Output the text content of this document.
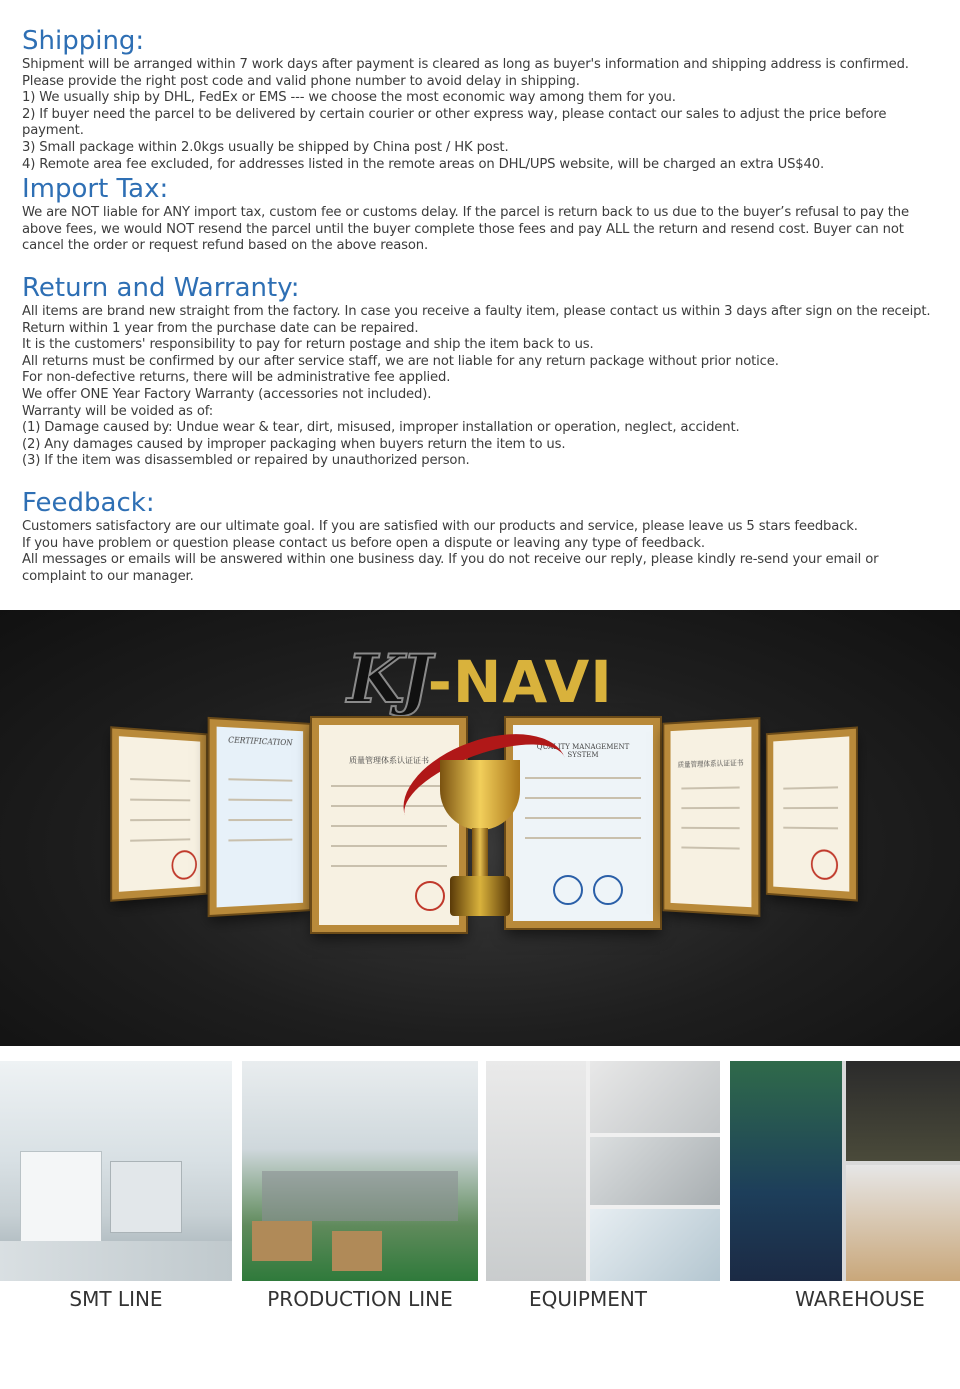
Shipping:
Shipment will be arranged within 7 work days after payment is cleared as long as buyer's information and shipping address is confirmed. Please provide the right post code and valid phone number to avoid delay in shipping.
1) We usually ship by DHL, FedEx or EMS --- we choose the most economic way among them for you.
2) If buyer need the parcel to be delivered by certain courier or other express way, please contact our sales to adjust the price before payment.
3) Small package within 2.0kgs usually be shipped by China post / HK post.
4) Remote area fee excluded, for addresses listed in the remote areas on DHL/UPS website, will be charged an extra US$40.
Import Tax:
We are NOT liable for ANY import tax, custom fee or customs delay. If the parcel is return back to us due to the buyer’s refusal to pay the above fees, we would NOT resend the parcel until the buyer complete those fees and pay ALL the return and resend cost. Buyer can not cancel the order or request refund based on the above reason.
Return and Warranty:
All items are brand new straight from the factory. In case you receive a faulty item, please contact us within 3 days after sign on the receipt.
Return within 1 year from the purchase date can be repaired.
It is the customers' responsibility to pay for return postage and ship the item back to us.
All returns must be confirmed by our after service staff, we are not liable for any return package without prior notice.
For non-defective returns, there will be administrative fee applied.
We offer ONE Year Factory Warranty (accessories not included).
Warranty will be voided as of:
(1) Damage caused by: Undue wear & tear, dirt, misused, improper installation or operation, neglect, accident.
(2) Any damages caused by improper packaging when buyers return the item to us.
(3) If the item was disassembled or repaired by unauthorized person.
Feedback:
Customers satisfactory are our ultimate goal. If you are satisfied with our products and service, please leave us 5 stars feedback.
If you have problem or question please contact us before open a dispute or leaving any type of feedback.
All messages or emails will be answered within one business day. If you do not receive our reply, please kindly re-send your email or complaint to our manager.
KJ-NAVI
CERTIFICATION
质量管理体系认证证书
QUALITY MANAGEMENT SYSTEM
质量管理体系认证证书
SMT LINE	PRODUCTION LINE	EQUIPMENT	WAREHOUSE
